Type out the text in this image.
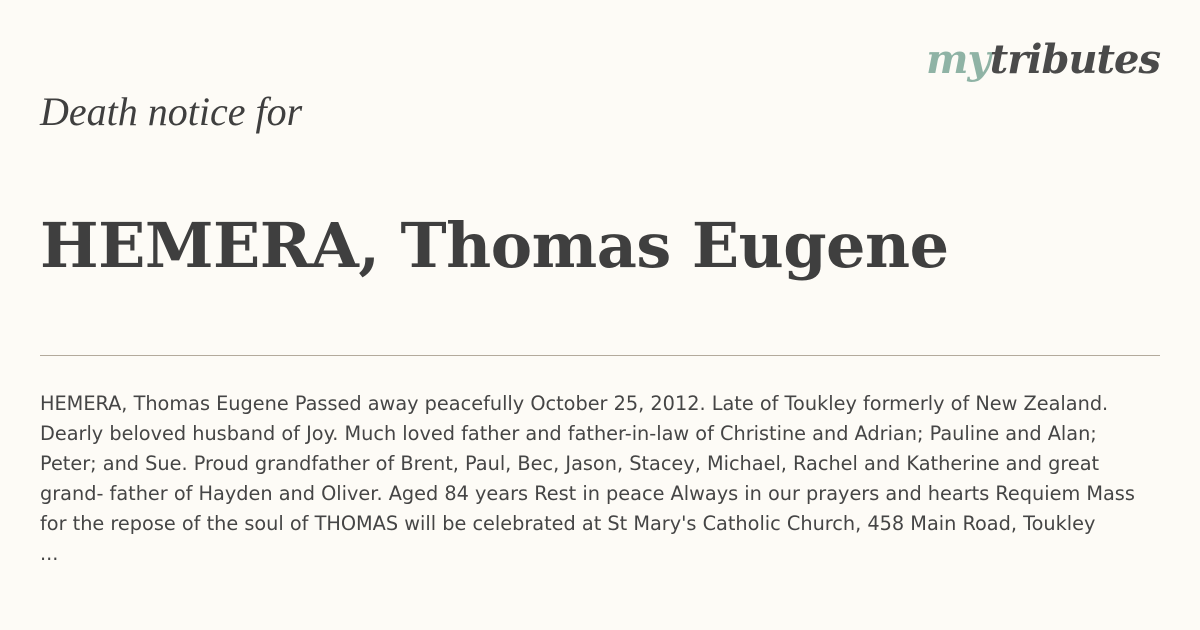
mytributes
Death notice for
HEMERA, Thomas Eugene

HEMERA, Thomas Eugene Passed away peacefully October 25, 2012. Late of Toukley formerly of New Zealand.

Dearly beloved husband of Joy. Much loved father and father-in-law of Christine and Adrian; Pauline and Alan;

Peter; and Sue. Proud grandfather of Brent, Paul, Bec, Jason, Stacey, Michael, Rachel and Katherine and great

grand- father of Hayden and Oliver. Aged 84 years Rest in peace Always in our prayers and hearts Requiem Mass

for the repose of the soul of THOMAS will be celebrated at St Mary's Catholic Church, 458 Main Road, Toukley

...
